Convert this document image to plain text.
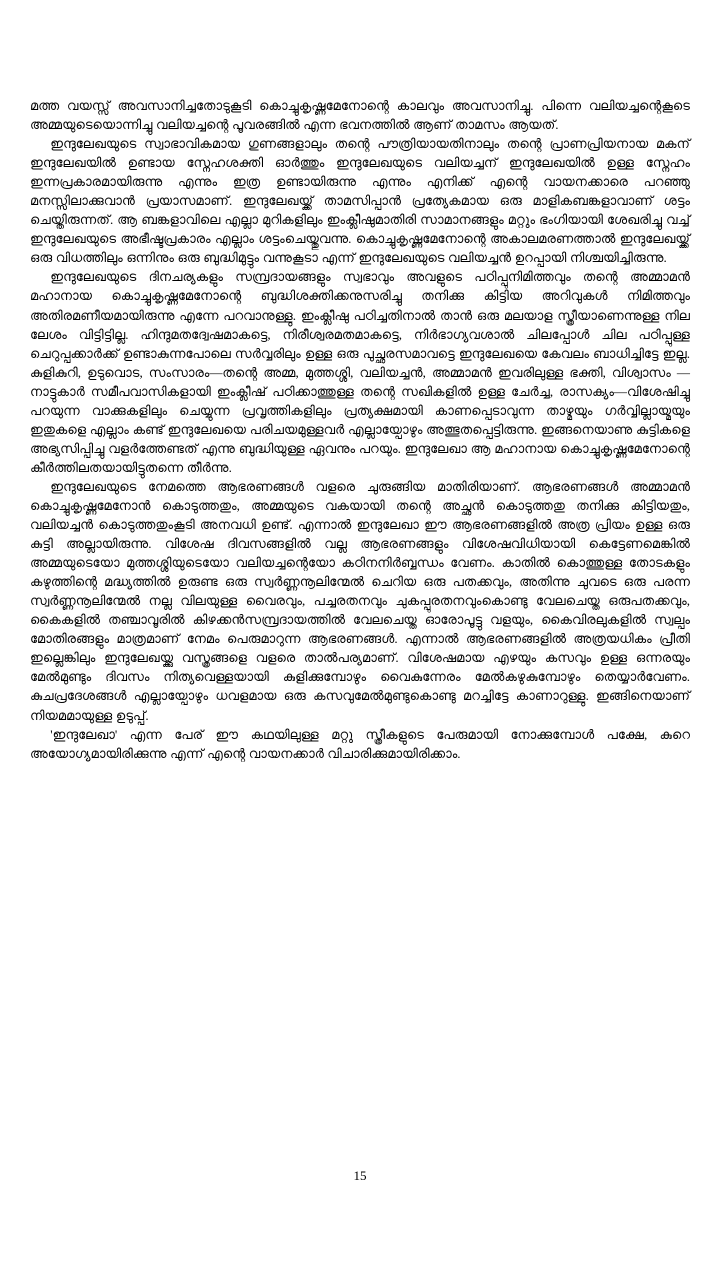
മത്ത വയസ്സ് അവസാനിച്ചതോടുകൂടി കൊച്ചുകൃഷ്ണമേനോന്റെ കാലവും അവസാനിച്ചു. പിന്നെ വലിയച്ചന്റെകൂടെ അമ്മയുടെയൊന്നിച്ചു വലിയച്ചന്റെ പൂവരങ്ങില്‍ എന്ന ഭവനത്തില്‍ ആണ് താമസം ആയത്.

ഇന്ദുലേഖയുടെ സ്വാഭാവികമായ ഗുണങ്ങളാലും തന്റെ പൗത്രിയായതിനാലും തന്റെ പ്രാണപ്രിയനായ മകന് ഇന്ദുലേഖയില്‍ ഉണ്ടായ സ്നേഹശക്തി ഓര്‍ത്തും ഇന്ദുലേഖയുടെ വലിയച്ചന് ഇന്ദുലേഖയില്‍ ഉള്ള സ്നേഹം ഇന്നപ്രകാരമായിരുന്നു എന്നും ഇത്ര ഉണ്ടായിരുന്നു എന്നും എനിക്ക് എന്റെ വായനക്കാരെ പറഞ്ഞു മനസ്സിലാക്കുവാന്‍ പ്രയാസമാണ്. ഇന്ദുലേഖയ്ക്ക് താമസിപ്പാന്‍ പ്രത്യേകമായ ഒരു മാളികബങ്കളാവാണ് ശട്ടം ചെയ്തിരുന്നത്. ആ ബങ്കളാവിലെ എല്ലാ മുറികളിലും ഇംക്ലീഷുമാതിരി സാമാനങ്ങളും മറ്റും ഭംഗിയായി ശേഖരിച്ചു വച്ച് ഇന്ദുലേഖയുടെ അഭീഷ്ടപ്രകാരം എല്ലാം ശട്ടംചെയ്തുവന്നു. കൊച്ചുകൃഷ്ണമേനോന്റെ അകാലമരണത്താല്‍ ഇന്ദുലേഖയ്ക്ക് ഒരു വിധത്തിലും ഒന്നിനും ഒരു ബുദ്ധിമുട്ടും വന്നുകൂടാ എന്ന് ഇന്ദുലേഖയുടെ വലിയച്ചന്‍ ഉറപ്പായി നിശ്ചയിച്ചിരുന്നു.

ഇന്ദുലേഖയുടെ ദിനചര്യകളും സമ്പ്രദായങ്ങളും സ്വഭാവും അവളുടെ പഠിപ്പുനിമിത്തവും തന്റെ അമ്മാമന്‍ മഹാനായ കൊച്ചുകൃഷ്ണമേനോന്റെ ബുദ്ധിശക്തിക്കനുസരിച്ചു തനിക്കു കിട്ടിയ അറിവുകള്‍ നിമിത്തവും അതിരമണീയമായിരുന്നു എന്നേ പറവാനുള്ളു. ഇംക്ലീഷു പഠിച്ചതിനാല്‍ താന്‍ ഒരു മലയാള സ്ത്രീയാണെന്നുള്ള നില ലേശം വിട്ടിട്ടില്ല. ഹിന്ദുമതദ്വേഷമാകട്ടെ, നിരീശ്വരമതമാകട്ടെ, നിര്‍ഭാഗ്യവശാല്‍ ചിലപ്പോള്‍ ചില പഠിപ്പുള്ള ചെറുപ്പക്കാര്‍ക്ക് ഉണ്ടാകുന്നപോലെ സര്‍വ്വരിലും ഉള്ള ഒരു പുച്ഛരസമാവട്ടെ ഇന്ദുലേഖയെ കേവലം ബാധിച്ചിട്ടേ ഇല്ല. കുളികുറി, ഉടുവൊട, സംസാരം—തന്റെ അമ്മ, മുത്തശ്ശി, വലിയച്ചന്‍, അമ്മാമന്‍ ഇവരിലുള്ള ഭക്തി, വിശ്വാസം —നാട്ടുകാര്‍ സമീപവാസികളായി ഇംക്ലീഷ് പഠിക്കാത്തുള്ള തന്റെ സഖികളില്‍ ഉള്ള ചേര്‍ച്ച, രാസക്യം—വിശേഷിച്ചു പറയുന്ന വാക്കുകളിലും ചെയ്യുന്ന പ്രവൃത്തികളിലും പ്രത്യക്ഷമായി കാണപ്പെടാവുന്ന താഴ്മയും ഗര്‍വ്വില്ലായ്മയും ഇതുകളെ എല്ലാം കണ്ട് ഇന്ദുലേഖയെ പരിചയമുള്ളവര്‍ എല്ലായ്പോഴും അത്ഭുതപ്പെട്ടിരുന്നു. ഇങ്ങനെയാണു കുട്ടികളെ അഭ്യസിപ്പിച്ചു വളര്‍ത്തേണ്ടത് എന്നു ബുദ്ധിയുള്ള ഏവനും പറയും. ഇന്ദുലേഖാ ആ മഹാനായ കൊച്ചുകൃഷ്ണമേനോന്റെ കീര്‍ത്തിലതയായിട്ടുതന്നെ തീര്‍ന്നു.

ഇന്ദുലേഖയുടെ നേമത്തെ ആഭരണങ്ങള്‍ വളരെ ചുരുങ്ങിയ മാതിരിയാണ്. ആഭരണങ്ങള്‍ അമ്മാമന്‍ കൊച്ചുകൃഷ്ണമേനോന്‍ കൊടുത്തതും, അമ്മയുടെ വകയായി തന്റെ അച്ഛന്‍ കൊടുത്തതു തനിക്കു കിട്ടിയതും, വലിയച്ചന്‍ കൊടുത്തതുംകൂടി അനവധി ഉണ്ട്. എന്നാല്‍ ഇന്ദുലേഖാ ഈ ആഭരണങ്ങളില്‍ അത്ര പ്രിയം ഉള്ള ഒരു കുട്ടി അല്ലായിരുന്നു. വിശേഷ ദിവസങ്ങളില്‍ വല്ല ആഭരണങ്ങളും വിശേഷവിധിയായി കെട്ടേണമെങ്കില്‍ അമ്മയുടെയോ മുത്തശ്ശിയുടെയോ വലിയച്ചന്റെയോ കഠിനനിര്‍ബ്ബന്ധം വേണം. കാതില്‍ കൊത്തുള്ള തോടകളും കഴുത്തിന്റെ മദ്ധ്യത്തില്‍ ഉരുണ്ട ഒരു സ്വര്‍ണ്ണനൂലിന്മേല്‍ ചെറിയ ഒരു പതക്കവും, അതിന്നു ചുവടെ ഒരു പരന്ന സ്വര്‍ണ്ണനൂലിന്മേല്‍ നല്ല വിലയുള്ള വൈരവും, പച്ചരതനവും ചുകപ്പുരതനവുംകൊണ്ടു വേലചെയ്ത ഒരുപതക്കവും, കൈകളില്‍ തഞ്ചാവൂരില്‍ കിഴക്കന്‍സമ്പ്രദായത്തില്‍ വേലചെയ്ത ഓരോപൂട്ടു വളയും, കൈവിരലുകളില്‍ സ്വല്പം മോതിരങ്ങളും മാത്രമാണ് നേമം പെരുമാറുന്ന ആഭരണങ്ങള്‍. എന്നാല്‍ ആഭരണങ്ങളില്‍ അത്രയധികം പ്രീതി ഇല്ലെങ്കിലും ഇന്ദുലേഖയ്ക്കു വസ്ത്രങ്ങളെ വളരെ താല്‍പര്യമാണ്. വിശേഷമായ എഴയും കസവും ഉള്ള ഒന്നരയും മേല്‍മുണ്ടും ദിവസം നിത്യവെള്ളയായി കുളിക്കുമ്പോഴും വൈകുന്നേരം മേല്‍കഴുകുമ്പോഴും തെയ്യാര്‍വേണം. കുചപ്രദേശങ്ങള്‍ എല്ലായ്പോഴും ധവളമായ ഒരു കസവുമേല്‍മുണ്ടുകൊണ്ടു മറച്ചിട്ടേ കാണാറുള്ളു. ഇങ്ങിനെയാണ് നിയമമായുള്ള ഉടുപ്പ്.

'ഇന്ദുലേഖാ' എന്ന പേര് ഈ കഥയിലുള്ള മറ്റു സ്ത്രീകളുടെ പേരുമായി നോക്കുമ്പോള്‍ പക്ഷേ, കുറെ അയോഗ്യമായിരിക്കുന്നു എന്ന് എന്റെ വായനക്കാര്‍ വിചാരിക്കുമായിരിക്കാം.

15
